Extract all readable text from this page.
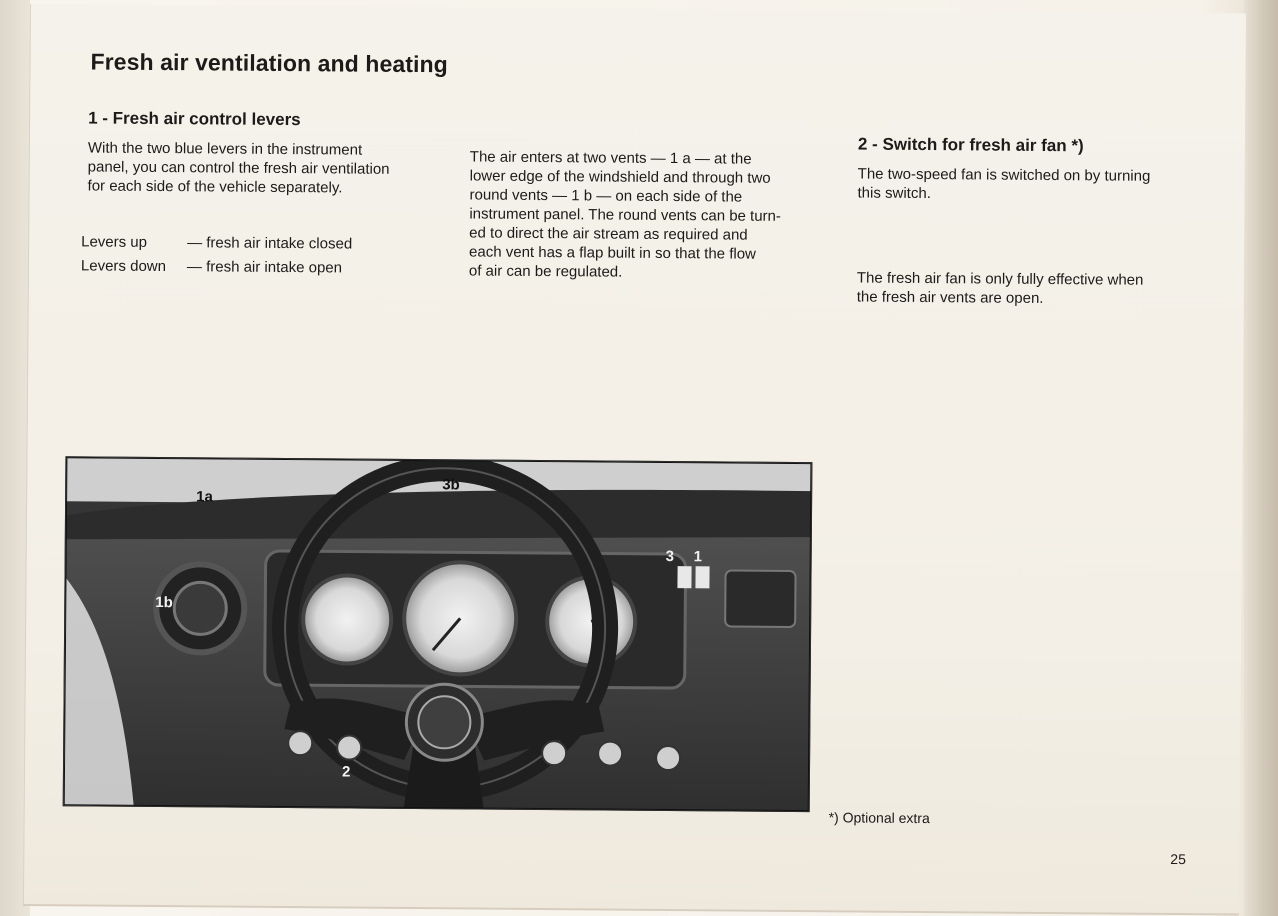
Fresh air ventilation and heating
1 - Fresh air control levers
With the two blue levers in the instrument
panel, you can control the fresh air ventilation
for each side of the vehicle separately.
Levers up	— fresh air intake closed
Levers down — fresh air intake open
The air enters at two vents — 1 a — at the
lower edge of the windshield and through two
round vents — 1 b — on each side of the
instrument panel. The round vents can be turn-
ed to direct the air stream as required and
each vent has a flap built in so that the flow
of air can be regulated.
2 - Switch for fresh air fan *)
The two-speed fan is switched on by turning
this switch.
The fresh air fan is only fully effective when
the fresh air vents are open.
1a
3b
1b
3 1
2
*) Optional extra
25
